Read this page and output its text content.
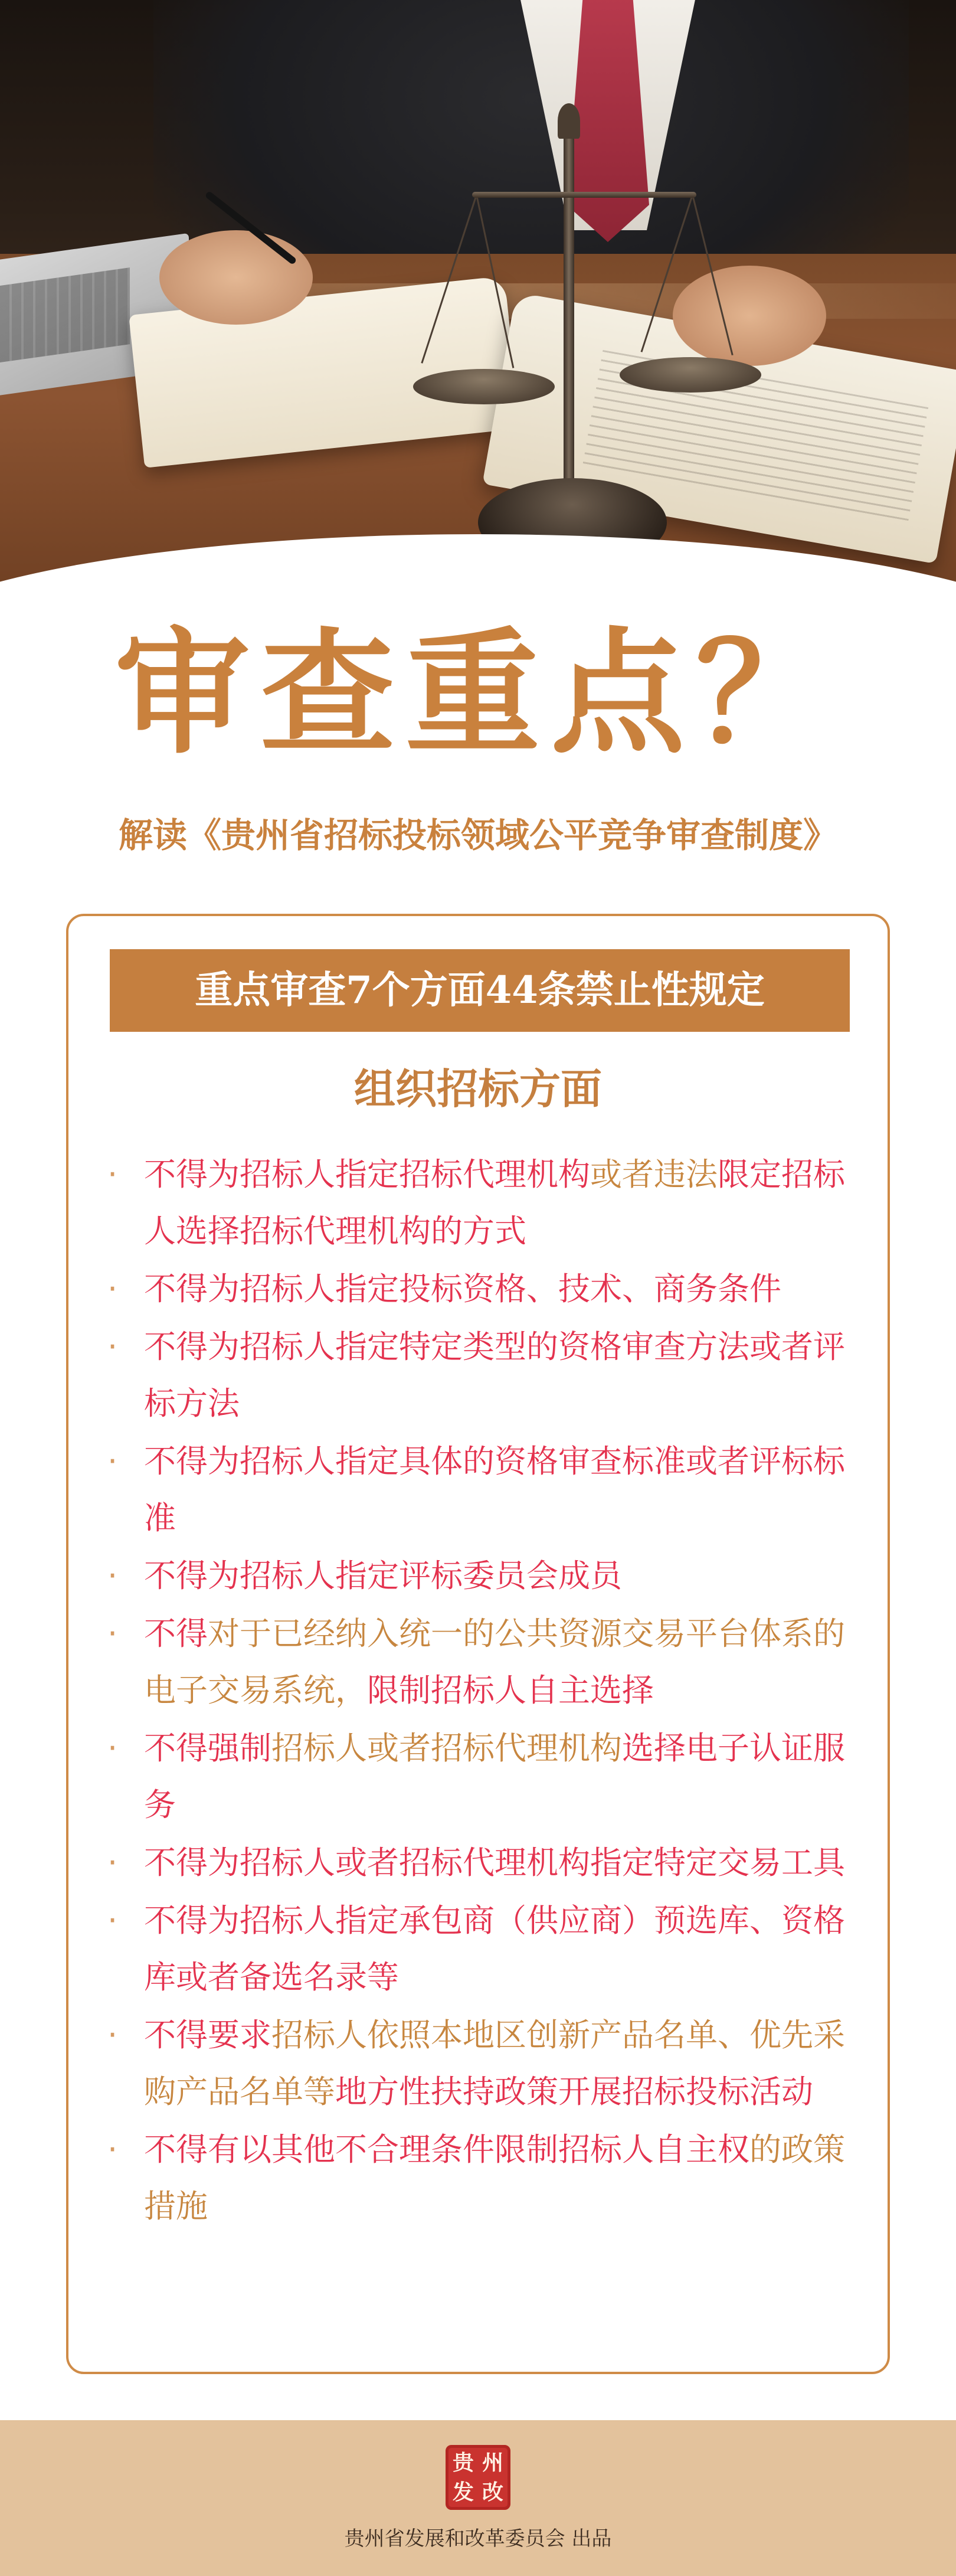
审查重点？
解读《贵州省招标投标领域公平竞争审查制度》
重点审查7个方面44条禁止性规定
组织招标方面
· 不得为招标人指定招标代理机构或者违法限定招标人选择招标代理机构的方式
· 不得为招标人指定投标资格、技术、商务条件
· 不得为招标人指定特定类型的资格审查方法或者评标方法
· 不得为招标人指定具体的资格审查标准或者评标标准
· 不得为招标人指定评标委员会成员
· 不得对于已经纳入统一的公共资源交易平台体系的电子交易系统，限制招标人自主选择
· 不得强制招标人或者招标代理机构选择电子认证服务
· 不得为招标人或者招标代理机构指定特定交易工具
· 不得为招标人指定承包商（供应商）预选库、资格库或者备选名录等
· 不得要求招标人依照本地区创新产品名单、优先采购产品名单等地方性扶持政策开展招标投标活动
· 不得有以其他不合理条件限制招标人自主权的政策措施
贵 州
发 改
贵州省发展和改革委员会 出品
